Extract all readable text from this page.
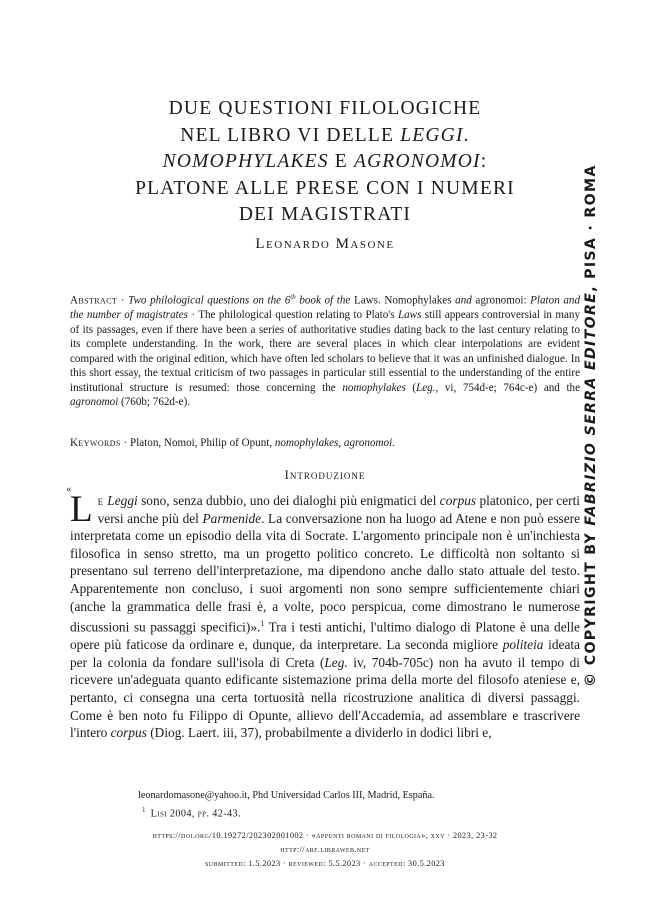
DUE QUESTIONI FILOLOGICHE
NEL LIBRO VI DELLE LEGGI.
NOMOPHYLAKES E AGRONOMOI:
PLATONE ALLE PRESE CON I NUMERI
DEI MAGISTRATI
Leonardo Masone
Abstract · Two philological questions on the 6th book of the Laws. Nomophylakes and agronomoi: Platon and the number of magistrates · The philological question relating to Plato's Laws still appears controversial in many of its passages, even if there have been a series of authoritative studies dating back to the last century relating to its complete understanding. In the work, there are several places in which clear interpolations are evident compared with the original edition, which have often led scholars to believe that it was an unfinished dialogue. In this short essay, the textual criticism of two passages in particular still essential to the understanding of the entire institutional structure is resumed: those concerning the nomophylakes (Leg., vi, 754d-e; 764c-e) and the agronomoi (760b; 762d-e).
Keywords · Platon, Nomoi, Philip of Opunt, nomophylakes, agronomoi.
Introduzione
«
Le Leggi sono, senza dubbio, uno dei dialoghi più enigmatici del corpus platonico, per certi versi anche più del Parmenide. La conversazione non ha luogo ad Atene e non può essere interpretata come un episodio della vita di Socrate. L'argomento principale non è un'inchiesta filosofica in senso stretto, ma un progetto politico concreto. Le difficoltà non soltanto si presentano sul terreno dell'interpretazione, ma dipendono anche dallo stato attuale del testo. Apparentemente non concluso, i suoi argomenti non sono sempre sufficientemente chiari (anche la grammatica delle frasi è, a volte, poco perspicua, come dimostrano le numerose discussioni su passaggi specifici)».$^1$ Tra i testi antichi, l'ultimo dialogo di Platone è una delle opere più faticose da ordinare e, dunque, da interpretare. La seconda migliore politeia ideata per la colonia da fondare sull'isola di Creta (Leg. iv, 704b-705c) non ha avuto il tempo di ricevere un'adeguata quanto edificante sistemazione prima della morte del filosofo ateniese e, pertanto, ci consegna una certa tortuosità nella ricostruzione analitica di diversi passaggi. Come è ben noto fu Filippo di Opunte, allievo dell'Accademia, ad assemblare e trascrivere l'intero corpus (Diog. Laert. iii, 37), probabilmente a dividerlo in dodici libri e,
leonardomasone@yahoo.it, Phd Universidad Carlos III, Madrid, España.
$^1$ Lisi 2004, pp. 42-43.
https://doi.org/10.19272/202302001002 · «appunti romani di filologia», xxv · 2023, 23-32
http://arf.libraweb.net
submitted: 1.5.2023 · reviewed: 5.5.2023 · accepted: 30.5.2023
© COPYRIGHT BY FABRIZIO SERRA EDITORE, PISA · ROMA
